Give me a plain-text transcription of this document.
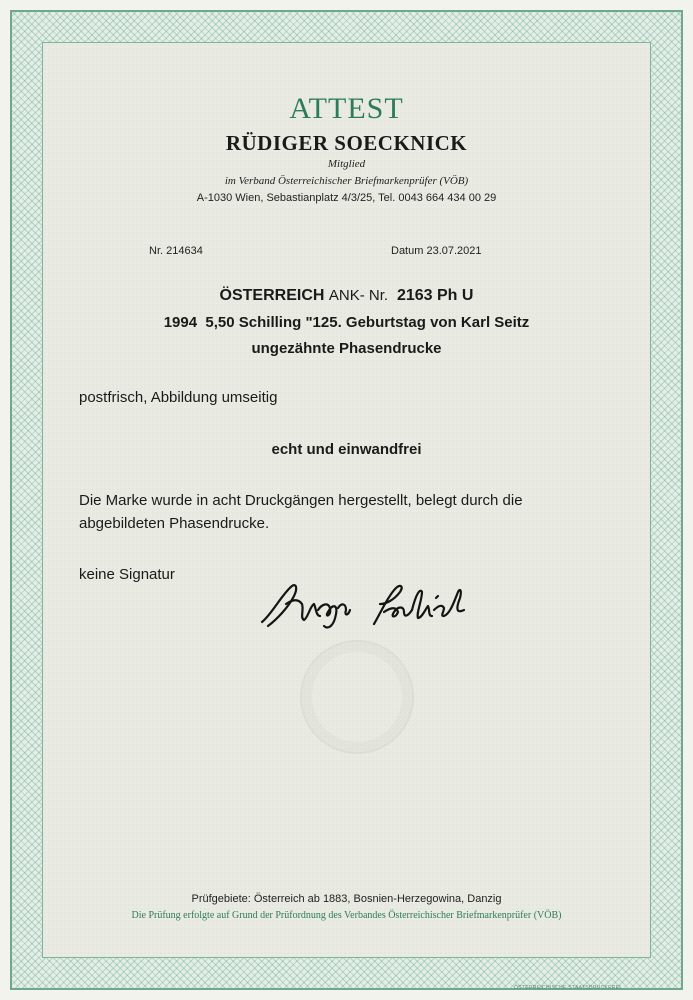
ATTEST
RÜDIGER SOECKNICK
Mitglied
im Verband Österreichischer Briefmarkenprüfer (VÖB)
A-1030 Wien, Sebastianplatz 4/3/25, Tel. 0043 664 434 00 29
Nr. 214634	Datum 23.07.2021
ÖSTERREICH ANK- Nr. 2163 Ph U
1994  5,50 Schilling "125. Geburtstag von Karl Seitz
ungezähnte Phasendrucke
postfrisch, Abbildung umseitig
echt und einwandfrei
Die Marke wurde in acht Druckgängen hergestellt, belegt durch die
abgebildeten Phasendrucke.
keine Signatur
Prüfgebiete: Österreich ab 1883, Bosnien-Herzegowina, Danzig
Die Prüfung erfolgte auf Grund der Prüfordnung des Verbandes Österreichischer Briefmarkenprüfer (VÖB)
ÖSTERREICHISCHE STAATSDRUCKEREI
